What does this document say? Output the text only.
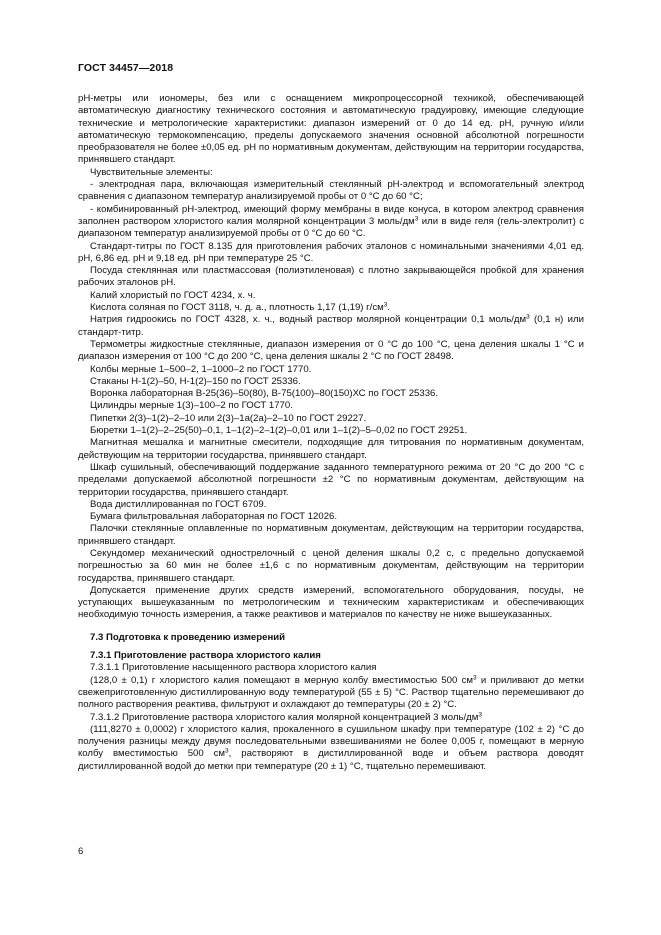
ГОСТ 34457—2018

pH-метры или иономеры, без или с оснащением микропроцессорной техникой, обеспечивающей автоматическую диагностику технического состояния и автоматическую градуировку, имеющие следующие технические и метрологические характеристики: диапазон измерений от 0 до 14 ед. pH, ручную и/или автоматическую термокомпенсацию, пределы допускаемого значения основной абсолютной погрешности преобразователя не более ±0,05 ед. pH по нормативным документам, действующим на территории государства, принявшего стандарт.

Чувствительные элементы:

- электродная пара, включающая измерительный стеклянный pH-электрод и вспомогательный электрод сравнения с диапазоном температур анализируемой пробы от 0 °С до 60 °С;

- комбинированный pH-электрод, имеющий форму мембраны в виде конуса, в котором электрод сравнения заполнен раствором хлористого калия молярной концентрации 3 моль/$дм^3$ или в виде геля (гель-электролит) с диапазоном температур анализируемой пробы от 0 °С до 60 °С.

Стандарт-титры по ГОСТ 8.135 для приготовления рабочих эталонов с номинальными значениями 4,01 ед. pH, 6,86 ед. pH и 9,18 ед. pH при температуре 25 °С.

Посуда стеклянная или пластмассовая (полиэтиленовая) с плотно закрывающейся пробкой для хранения рабочих эталонов pH.

Калий хлористый по ГОСТ 4234, х. ч.

Кислота соляная по ГОСТ 3118, ч. д. а., плотность 1,17 (1,19) $г/см^3$.

Натрия гидроокись по ГОСТ 4328, х. ч., водный раствор молярной концентрации 0,1 моль/$дм^3$ (0,1 н) или стандарт-титр.

Термометры жидкостные стеклянные, диапазон измерения от 0 °С до 100 °С, цена деления шкалы 1 °С и диапазон измерения от 100 °С до 200 °С, цена деления шкалы 2 °С по ГОСТ 28498.

Колбы мерные 1–500–2, 1–1000–2 по ГОСТ 1770.

Стаканы Н-1(2)–50, Н-1(2)–150 по ГОСТ 25336.

Воронка лабораторная В-25(36)–50(80), В-75(100)–80(150)ХС по ГОСТ 25336.

Цилиндры мерные 1(3)–100–2 по ГОСТ 1770.

Пипетки 2(3)–1(2)–2–10 или 2(3)–1а(2а)–2–10 по ГОСТ 29227.

Бюретки 1–1(2)–2–25(50)–0,1, 1–1(2)–2–1(2)–0,01 или 1–1(2)–5–0,02 по ГОСТ 29251.

Магнитная мешалка и магнитные смесители, подходящие для титрования по нормативным документам, действующим на территории государства, принявшего стандарт.

Шкаф сушильный, обеспечивающий поддержание заданного температурного режима от 20 °С до 200 °С с пределами допускаемой абсолютной погрешности ±2 °С по нормативным документам, действующим на территории государства, принявшего стандарт.

Вода дистиллированная по ГОСТ 6709.

Бумага фильтровальная лабораторная по ГОСТ 12026.

Палочки стеклянные оплавленные по нормативным документам, действующим на территории государства, принявшего стандарт.

Секундомер механический однострелочный с ценой деления шкалы 0,2 с, с предельно допускаемой погрешностью за 60 мин не более ±1,6 с по нормативным документам, действующим на территории государства, принявшего стандарт.

Допускается применение других средств измерений, вспомогательного оборудования, посуды, не уступающих вышеуказанным по метрологическим и техническим характеристикам и обеспечивающих необходимую точность измерения, а также реактивов и материалов по качеству не ниже вышеуказанных.

7.3 Подготовка к проведению измерений

7.3.1 Приготовление раствора хлористого калия

7.3.1.1 Приготовление насыщенного раствора хлористого калия

(128,0 ± 0,1) г хлористого калия помещают в мерную колбу вместимостью 500 $см^3$ и приливают до метки свежеприготовленную дистиллированную воду температурой (55 ± 5) °С. Раствор тщательно перемешивают до полного растворения реактива, фильтруют и охлаждают до температуры (20 ± 2) °С.

7.3.1.2 Приготовление раствора хлористого калия молярной концентрацией 3 моль/$дм^3$

(111,8270 ± 0,0002) г хлористого калия, прокаленного в сушильном шкафу при температуре (102 ± 2) °С до получения разницы между двумя последовательными взвешиваниями не более 0,005 г, помещают в мерную колбу вместимостью 500 $см^3$, растворяют в дистиллированной воде и объем раствора доводят дистиллированной водой до метки при температуре (20 ± 1) °С, тщательно перемешивают.

6
